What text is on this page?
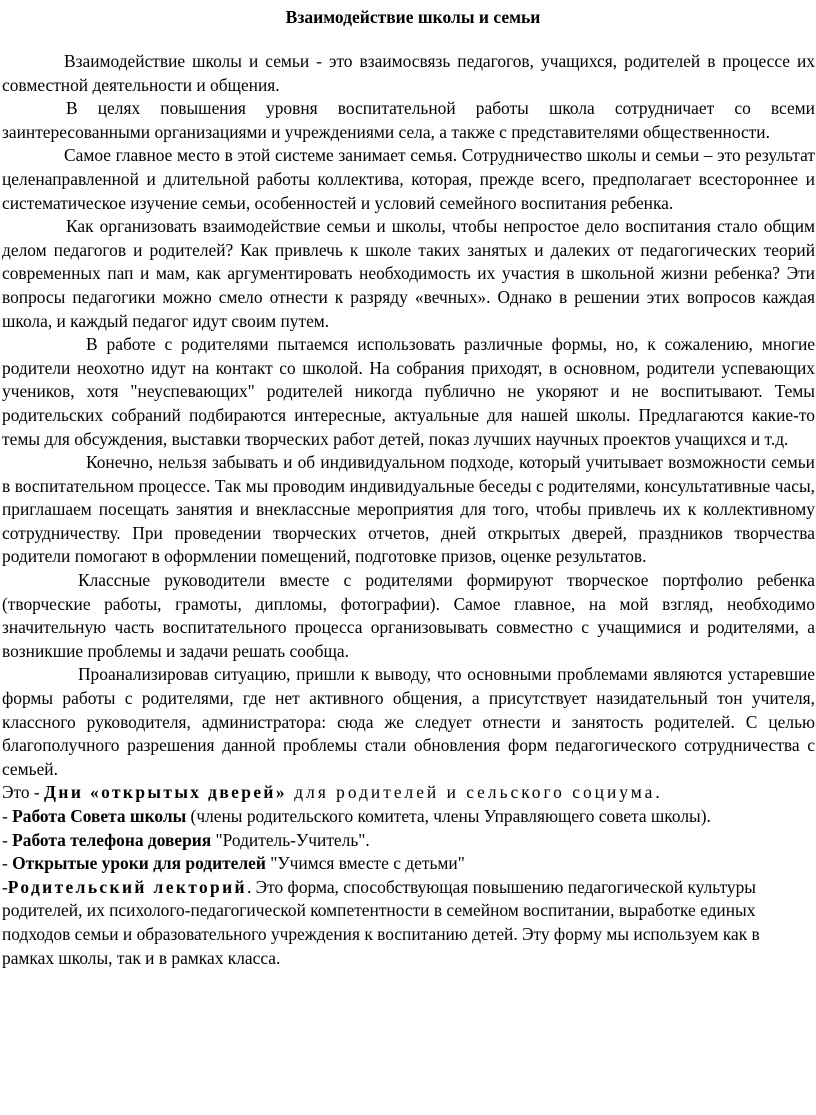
Взаимодействие школы и семьи

Взаимодействие школы и семьи - это взаимосвязь педагогов, учащихся, родителей в процессе их совместной деятельности и общения.

В целях повышения уровня воспитательной работы школа сотрудничает со всеми заинтересованными организациями и учреждениями села, а также с представителями общественности.

Самое главное место в этой системе занимает семья. Сотрудничество школы и семьи – это результат целенаправленной и длительной работы коллектива, которая, прежде всего, предполагает всестороннее и систематическое изучение семьи, особенностей и условий семейного воспитания ребенка.

Как организовать взаимодействие семьи и школы, чтобы непростое дело воспитания стало общим делом педагогов и родителей? Как привлечь к школе таких занятых и далеких от педагогических теорий современных пап и мам, как аргументировать необходимость их участия в школьной жизни ребенка? Эти вопросы педагогики можно смело отнести к разряду «вечных». Однако в решении этих вопросов каждая школа, и каждый педагог идут своим путем.

В работе с родителями пытаемся использовать различные формы, но, к сожалению, многие родители неохотно идут на контакт со школой. На собрания приходят, в основном, родители успевающих учеников, хотя "неуспевающих" родителей никогда публично не укоряют и не воспитывают. Темы родительских собраний подбираются интересные, актуальные для нашей школы. Предлагаются какие-то темы для обсуждения, выставки творческих работ детей, показ лучших научных проектов учащихся и т.д.

Конечно, нельзя забывать и об индивидуальном подходе, который учитывает возможности семьи в воспитательном процессе. Так мы проводим индивидуальные беседы с родителями, консультативные часы, приглашаем посещать занятия и внеклассные мероприятия для того, чтобы привлечь их к коллективному сотрудничеству. При проведении творческих отчетов, дней открытых дверей, праздников творчества родители помогают в оформлении помещений, подготовке призов, оценке результатов.

Классные руководители вместе с родителями формируют творческое портфолио ребенка (творческие работы, грамоты, дипломы, фотографии). Самое главное, на мой взгляд, необходимо значительную часть воспитательного процесса организовывать совместно с учащимися и родителями, а возникшие проблемы и задачи решать сообща.

Проанализировав ситуацию, пришли к выводу, что основными проблемами являются устаревшие формы работы с родителями, где нет активного общения, а присутствует назидательный тон учителя, классного руководителя, администратора: сюда же следует отнести и занятость родителей. С целью благополучного разрешения данной проблемы стали обновления форм педагогического сотрудничества с семьей.

Это - Дни «открытых дверей» для родителей и сельского социума.

- Работа Совета школы (члены родительского комитета, члены Управляющего совета школы).

- Работа телефона доверия "Родитель-Учитель".

- Открытые уроки для родителей "Учимся вместе с детьми"

-Родительский лекторий. Это форма, способствующая повышению педагогической культуры родителей, их психолого-педагогической компетентности в семейном воспитании, выработке единых подходов семьи и образовательного учреждения к воспитанию детей. Эту форму мы используем как в рамках школы, так и в рамках класса.
